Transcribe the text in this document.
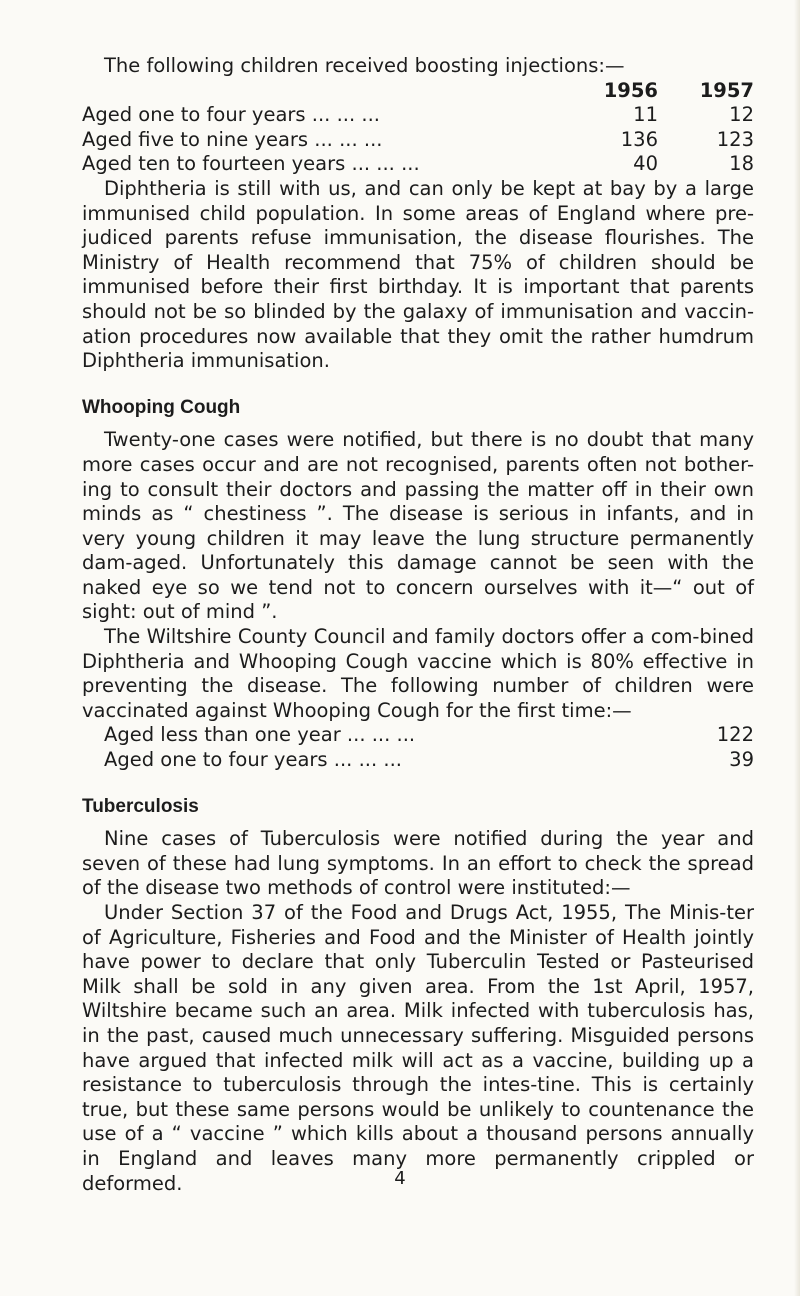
The following children received boosting injections:—

1956	1957
Aged one to four years ... ... ...	11	12
Aged five to nine years ... ... ...	136	123
Aged ten to fourteen years ... ... ...	40	18

Diphtheria is still with us, and can only be kept at bay by a large immunised child population. In some areas of England where pre-judiced parents refuse immunisation, the disease flourishes. The Ministry of Health recommend that 75% of children should be immunised before their first birthday. It is important that parents should not be so blinded by the galaxy of immunisation and vaccin-ation procedures now available that they omit the rather humdrum Diphtheria immunisation.

Whooping Cough

Twenty-one cases were notified, but there is no doubt that many more cases occur and are not recognised, parents often not bother-ing to consult their doctors and passing the matter off in their own minds as “ chestiness ”. The disease is serious in infants, and in very young children it may leave the lung structure permanently dam-aged. Unfortunately this damage cannot be seen with the naked eye so we tend not to concern ourselves with it—“ out of sight: out of mind ”.

The Wiltshire County Council and family doctors offer a com-bined Diphtheria and Whooping Cough vaccine which is 80% effective in preventing the disease. The following number of children were vaccinated against Whooping Cough for the first time:—

Aged less than one year ... ... ...	122
Aged one to four years ... ... ...	39
Tuberculosis

Nine cases of Tuberculosis were notified during the year and seven of these had lung symptoms. In an effort to check the spread of the disease two methods of control were instituted:—

Under Section 37 of the Food and Drugs Act, 1955, The Minis-ter of Agriculture, Fisheries and Food and the Minister of Health jointly have power to declare that only Tuberculin Tested or Pasteurised Milk shall be sold in any given area. From the 1st April, 1957, Wiltshire became such an area. Milk infected with tuberculosis has, in the past, caused much unnecessary suffering. Misguided persons have argued that infected milk will act as a vaccine, building up a resistance to tuberculosis through the intes-tine. This is certainly true, but these same persons would be unlikely to countenance the use of a “ vaccine ” which kills about a thousand persons annually in England and leaves many more permanently crippled or deformed.	4
